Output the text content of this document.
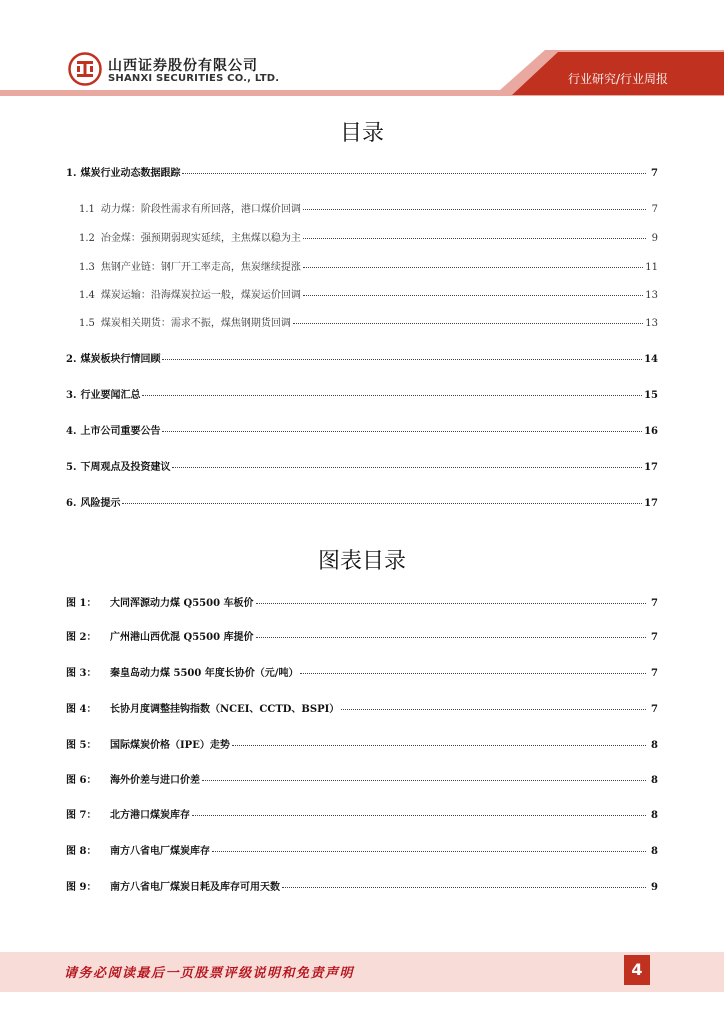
山西证券股份有限公司
SHANXI SECURITIES CO., LTD.	行业研究/行业周报
目录
1. 煤炭行业动态数据跟踪	7
1.1 动力煤：阶段性需求有所回落，港口煤价回调	7
1.2 冶金煤：强预期弱现实延续，主焦煤以稳为主	9
1.3 焦钢产业链：钢厂开工率走高，焦炭继续提涨	11
1.4 煤炭运输：沿海煤炭拉运一般，煤炭运价回调	13
1.5 煤炭相关期货：需求不振，煤焦钢期货回调	13
2. 煤炭板块行情回顾	14
3. 行业要闻汇总	15
4. 上市公司重要公告	16
5. 下周观点及投资建议	17
6. 风险提示	17
图表目录
图 1：	大同浑源动力煤 Q5500 车板价	7
图 2：	广州港山西优混 Q5500 库提价	7
图 3：	秦皇岛动力煤 5500 年度长协价（元/吨）	7
图 4：	长协月度调整挂钩指数（NCEI、CCTD、BSPI）	7
图 5：	国际煤炭价格（IPE）走势	8
图 6：	海外价差与进口价差	8
图 7：	北方港口煤炭库存	8
图 8：	南方八省电厂煤炭库存	8
图 9：	南方八省电厂煤炭日耗及库存可用天数	9
请务必阅读最后一页股票评级说明和免责声明	4
